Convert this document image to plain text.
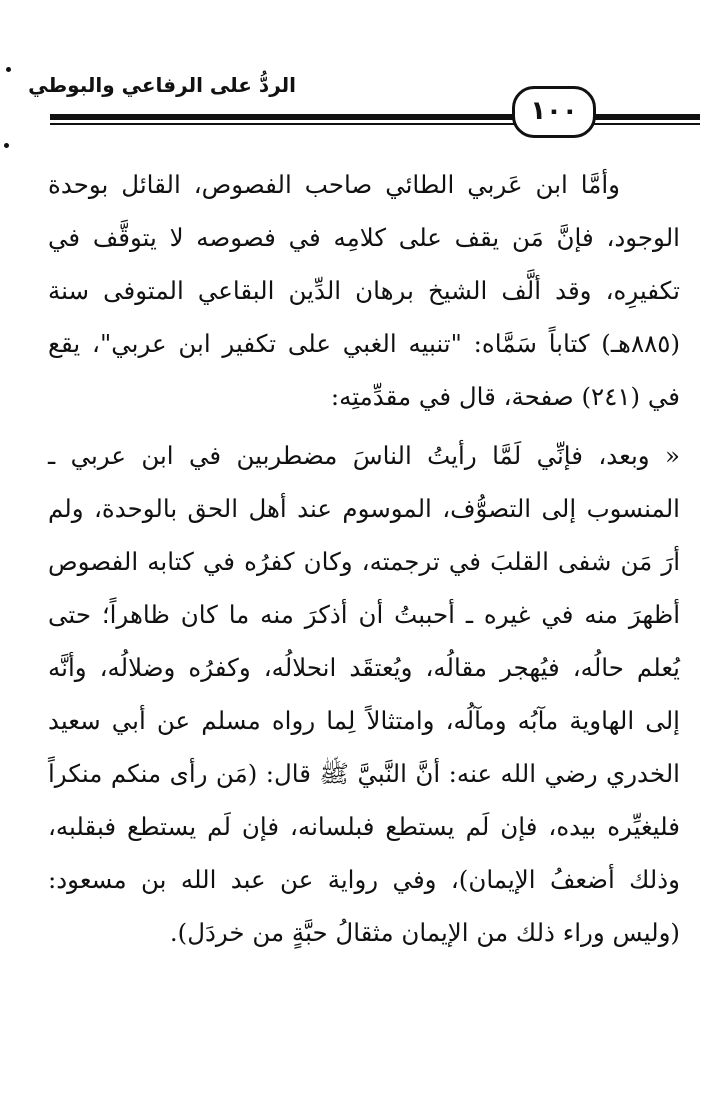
الردُّ على الرفاعي والبوطي
١٠٠

وأمَّا ابن عَربي الطائي صاحب الفصوص، القائل بوحدة الوجود، فإنَّ مَن يقف على كلامِه في فصوصه لا يتوقَّف في تكفيرِه، وقد ألَّف الشيخ برهان الدِّين البقاعي المتوفى سنة (٨٨٥هـ) كتاباً سَمَّاه: "تنبيه الغبي على تكفير ابن عربي"، يقع في (٢٤١) صفحة، قال في مقدِّمتِه:

« وبعد، فإنِّي لَمَّا رأيتُ الناسَ مضطربين في ابن عربي ـ المنسوب إلى التصوُّف، الموسوم عند أهل الحق بالوحدة، ولم أرَ مَن شفى القلبَ في ترجمته، وكان كفرُه في كتابه الفصوص أظهرَ منه في غيره ـ أحببتُ أن أذكرَ منه ما كان ظاهراً؛ حتى يُعلم حالُه، فيُهجر مقالُه، ويُعتقَد انحلالُه، وكفرُه وضلالُه، وأنَّه إلى الهاوية مآبُه ومآلُه، وامتثالاً لِما رواه مسلم عن أبي سعيد الخدري رضي الله عنه: أنَّ النَّبيَّ ﷺ قال: (مَن رأى منكم منكراً فليغيِّره بيده، فإن لَم يستطع فبلسانه، فإن لَم يستطع فبقلبه، وذلك أضعفُ الإيمان)، وفي رواية عن عبد الله بن مسعود: (وليس وراء ذلك من الإيمان مثقالُ حبَّةٍ من خردَل).
